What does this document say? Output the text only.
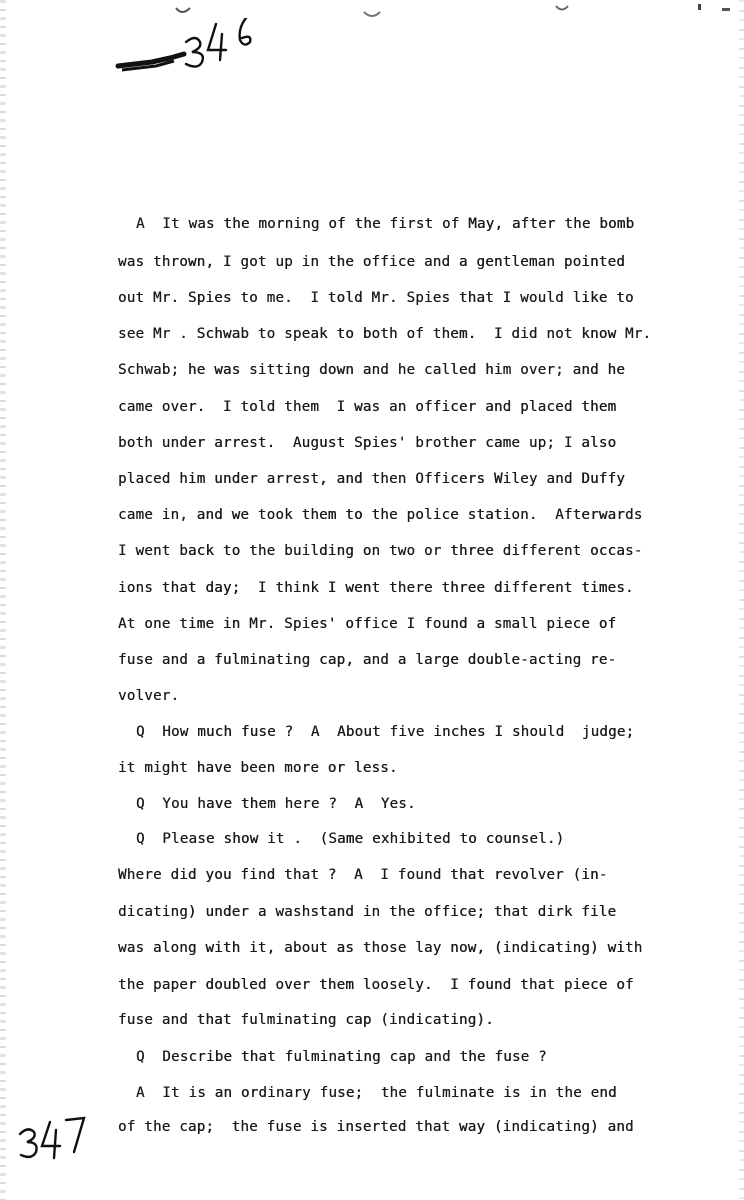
A  It was the morning of the first of May, after the bomb
was thrown, I got up in the office and a gentleman pointed
out Mr. Spies to me.  I told Mr. Spies that I would like to
see Mr . Schwab to speak to both of them.  I did not know Mr.
Schwab; he was sitting down and he called him over; and he
came over.  I told them  I was an officer and placed them
both under arrest.  August Spies' brother came up; I also
placed him under arrest, and then Officers Wiley and Duffy
came in, and we took them to the police station.  Afterwards
I went back to the building on two or three different occas-
ions that day;  I think I went there three different times.
At one time in Mr. Spies' office I found a small piece of
fuse and a fulminating cap, and a large double-acting re-
volver.
Q  How much fuse ?  A  About five inches I should  judge;
it might have been more or less.
Q  You have them here ?  A  Yes.
Q  Please show it .  (Same exhibited to counsel.)
Where did you find that ?  A  I found that revolver (in-
dicating) under a washstand in the office; that dirk file
was along with it, about as those lay now, (indicating) with
the paper doubled over them loosely.  I found that piece of
fuse and that fulminating cap (indicating).
Q  Describe that fulminating cap and the fuse ?
A  It is an ordinary fuse;  the fulminate is in the end
of the cap;  the fuse is inserted that way (indicating) and
